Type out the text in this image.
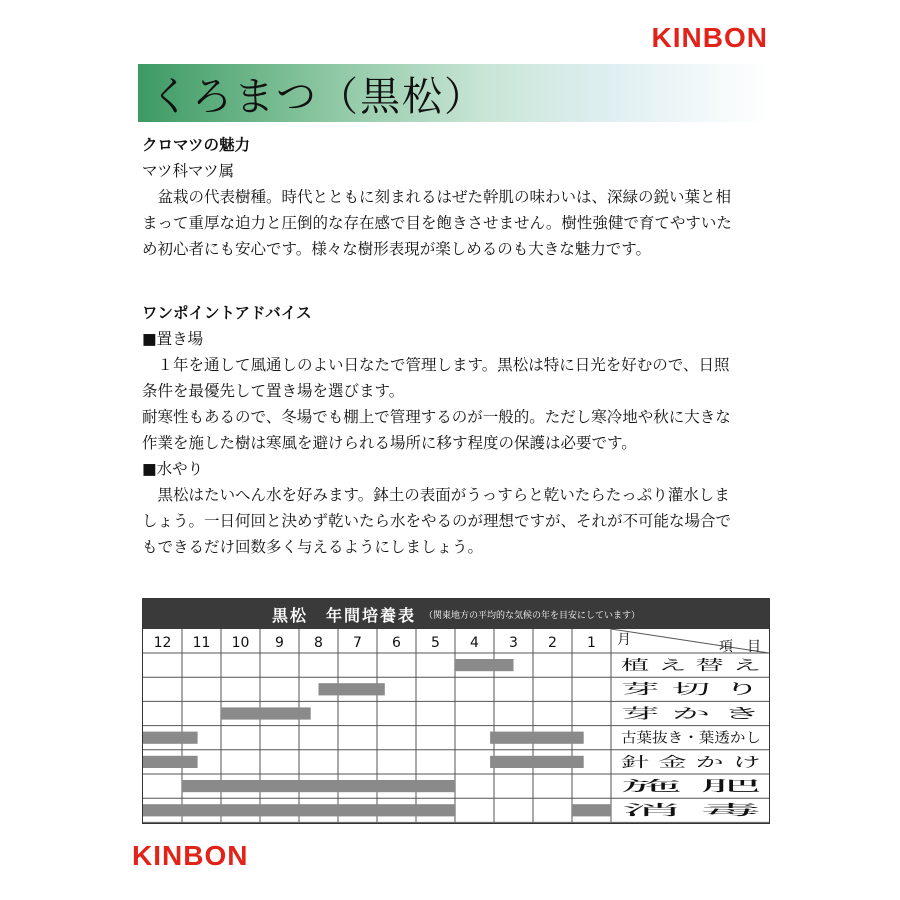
KINBON
くろまつ（黒松）

クロマツの魅力

マツ科マツ属

盆栽の代表樹種。時代とともに刻まれるはぜた幹肌の味わいは、深緑の鋭い葉と相

まって重厚な迫力と圧倒的な存在感で目を飽きさせません。樹性強健で育てやすいた

め初心者にも安心です。様々な樹形表現が楽しめるのも大きな魅力です。

ワンポイントアドバイス

■置き場

１年を通して風通しのよい日なたで管理します。黒松は特に日光を好むので、日照

条件を最優先して置き場を選びます。

耐寒性もあるので、冬場でも棚上で管理するのが一般的。ただし寒冷地や秋に大きな

作業を施した樹は寒風を避けられる場所に移す程度の保護は必要です。

■水やり

黒松はたいへん水を好みます。鉢土の表面がうっすらと乾いたらたっぷり灌水しま

しょう。一日何回と決めず乾いたら水をやるのが理想ですが、それが不可能な場合で

もできるだけ回数多く与えるようにしましょう。

黒松　年間培養表 （関東地方の平均的な気候の年を目安にしています）
12 11 10 9 8 7 6 5 4 3 2 1 月	項　目
植 え 替 え
芽 切 り
芽 か き
古葉抜き・葉透かし
針 金 か け
施 肥
消 毒
KINBON
